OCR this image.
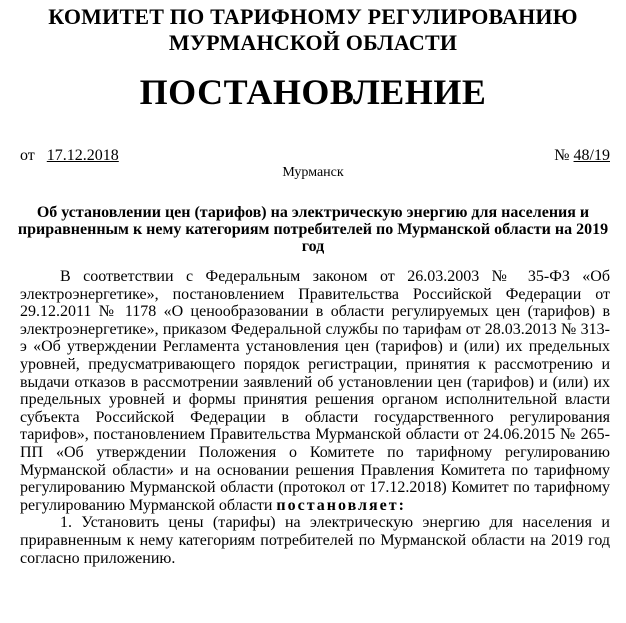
КОМИТЕТ ПО ТАРИФНОМУ РЕГУЛИРОВАНИЮ
МУРМАНСКОЙ ОБЛАСТИ
ПОСТАНОВЛЕНИЕ
от 17.12.2018	№ 48/19
Мурманск
Об установлении цен (тарифов) на электрическую энергию для населения и приравненным к нему категориям потребителей по Мурманской области на 2019 год

В соответствии с Федеральным законом от 26.03.2003 № 35-ФЗ «Об электроэнергетике», постановлением Правительства Российской Федерации от 29.12.2011 № 1178 «О ценообразовании в области регулируемых цен (тарифов) в электроэнергетике», приказом Федеральной службы по тарифам от 28.03.2013 № 313-э «Об утверждении Регламента установления цен (тарифов) и (или) их предельных уровней, предусматривающего порядок регистрации, принятия к рассмотрению и выдачи отказов в рассмотрении заявлений об установлении цен (тарифов) и (или) их предельных уровней и формы принятия решения органом исполнительной власти субъекта Российской Федерации в области государственного регулирования тарифов», постановлением Правительства Мурманской области от 24.06.2015 № 265-ПП «Об утверждении Положения о Комитете по тарифному регулированию Мурманской области» и на основании решения Правления Комитета по тарифному регулированию Мурманской области (протокол от 17.12.2018) Комитет по тарифному регулированию Мурманской области постановляет:

1. Установить цены (тарифы) на электрическую энергию для населения и приравненным к нему категориям потребителей по Мурманской области на 2019 год согласно приложению.
